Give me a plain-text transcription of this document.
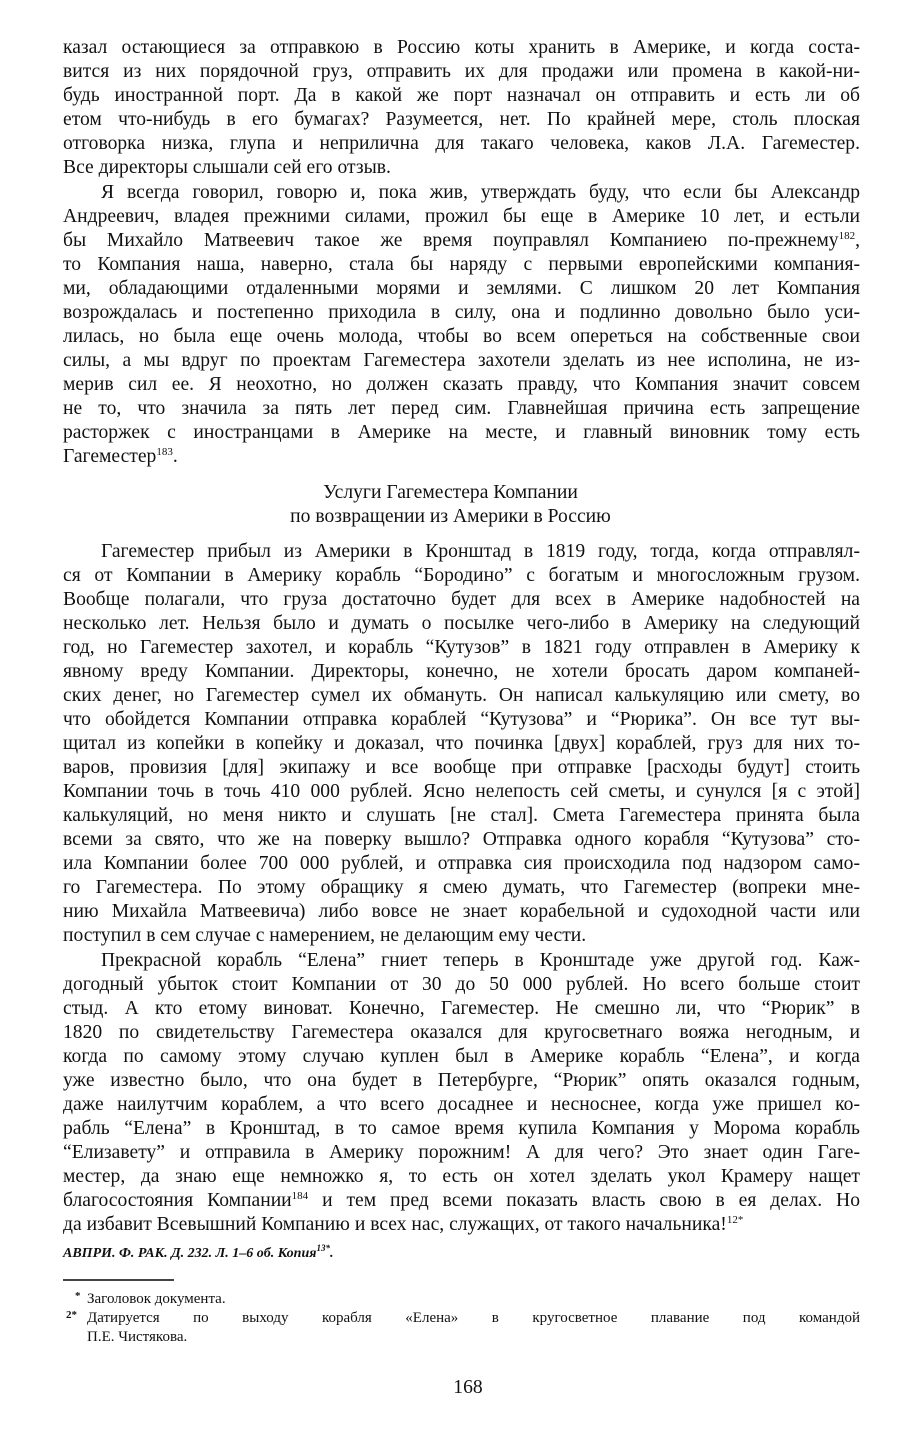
казал остающиеся за отправкою в Россию коты хранить в Америке, и когда соста-
вится из них порядочной груз, отправить их для продажи или промена в какой-ни-
будь иностранной порт. Да в какой же порт назначал он отправить и есть ли об
етом что-нибудь в его бумагах? Разумеется, нет. По крайней мере, столь плоская
отговорка низка, глупа и неприлична для такаго человека, каков Л.А. Гагеместер.
Все директоры слышали сей его отзыв.
Я всегда говорил, говорю и, пока жив, утверждать буду, что если бы Александр
Андреевич, владея прежними силами, прожил бы еще в Америке 10 лет, и естьли
бы Михайло Матвеевич такое же время поуправлял Компаниею по-прежнему$^{182}$,
то Компания наша, наверно, стала бы наряду с первыми европейскими компания-
ми, обладающими отдаленными морями и землями. С лишком 20 лет Компания
возрождалась и постепенно приходила в силу, она и подлинно довольно было уси-
лилась, но была еще очень молода, чтобы во всем опереться на собственные свои
силы, а мы вдруг по проектам Гагеместера захотели зделать из нее исполина, не из-
мерив сил ее. Я неохотно, но должен сказать правду, что Компания значит совсем
не то, что значила за пять лет перед сим. Главнейшая причина есть запрещение
расторжек с иностранцами в Америке на месте, и главный виновник тому есть
Гагеместер$^{183}$.
Услуги Гагеместера Компании
по возвращении из Америки в Россию
Гагеместер прибыл из Америки в Кронштад в 1819 году, тогда, когда отправлял-
ся от Компании в Америку корабль “Бородино” с богатым и многосложным грузом.
Вообще полагали, что груза достаточно будет для всех в Америке надобностей на
несколько лет. Нельзя было и думать о посылке чего-либо в Америку на следующий
год, но Гагеместер захотел, и корабль “Кутузов” в 1821 году отправлен в Америку к
явному вреду Компании. Директоры, конечно, не хотели бросать даром компаней-
ских денег, но Гагеместер сумел их обмануть. Он написал калькуляцию или смету, во
что обойдется Компании отправка кораблей “Кутузова” и “Рюрика”. Он все тут вы-
щитал из копейки в копейку и доказал, что починка [двух] кораблей, груз для них то-
варов, провизия [для] экипажу и все вообще при отправке [расходы будут] стоить
Компании точь в точь 410 000 рублей. Ясно нелепость сей сметы, и сунулся [я с этой]
калькуляций, но меня никто и слушать [не стал]. Смета Гагеместера принята была
всеми за свято, что же на поверку вышло? Отправка одного корабля “Кутузова” сто-
ила Компании более 700 000 рублей, и отправка сия происходила под надзором само-
го Гагеместера. По этому обращику я смею думать, что Гагеместер (вопреки мне-
нию Михайла Матвеевича) либо вовсе не знает корабельной и судоходной части или
поступил в сем случае с намерением, не делающим ему чести.
Прекрасной корабль “Елена” гниет теперь в Кронштаде уже другой год. Каж-
догодный убыток стоит Компании от 30 до 50 000 рублей. Но всего больше стоит
стыд. А кто етому виноват. Конечно, Гагеместер. Не смешно ли, что “Рюрик” в
1820 по свидетельству Гагеместера оказался для кругосветнаго вояжа негодным, и
когда по самому этому случаю куплен был в Америке корабль “Елена”, и когда
уже известно было, что она будет в Петербурге, “Рюрик” опять оказался годным,
даже наилутчим кораблем, а что всего досаднее и несноснее, когда уже пришел ко-
рабль “Елена” в Кронштад, в то самое время купила Компания у Морома корабль
“Елизавету” и отправила в Америку порожним! А для чего? Это знает один Гаге-
местер, да знаю еще немножко я, то есть он хотел зделать укол Крамеру нащет
благосостояния Компании$^{184}$ и тем пред всеми показать власть свою в ея делах. Но
да избавит Всевышний Компанию и всех нас, служащих, от такого начальника!$^{12*}$
АВПРИ. Ф. РАК. Д. 232. Л. 1–6 об. Копия$^{13*}$.
* Заголовок документа.
2* Датируется по выходу корабля «Елена» в кругосветное плавание под командой
П.Е. Чистякова.
168
